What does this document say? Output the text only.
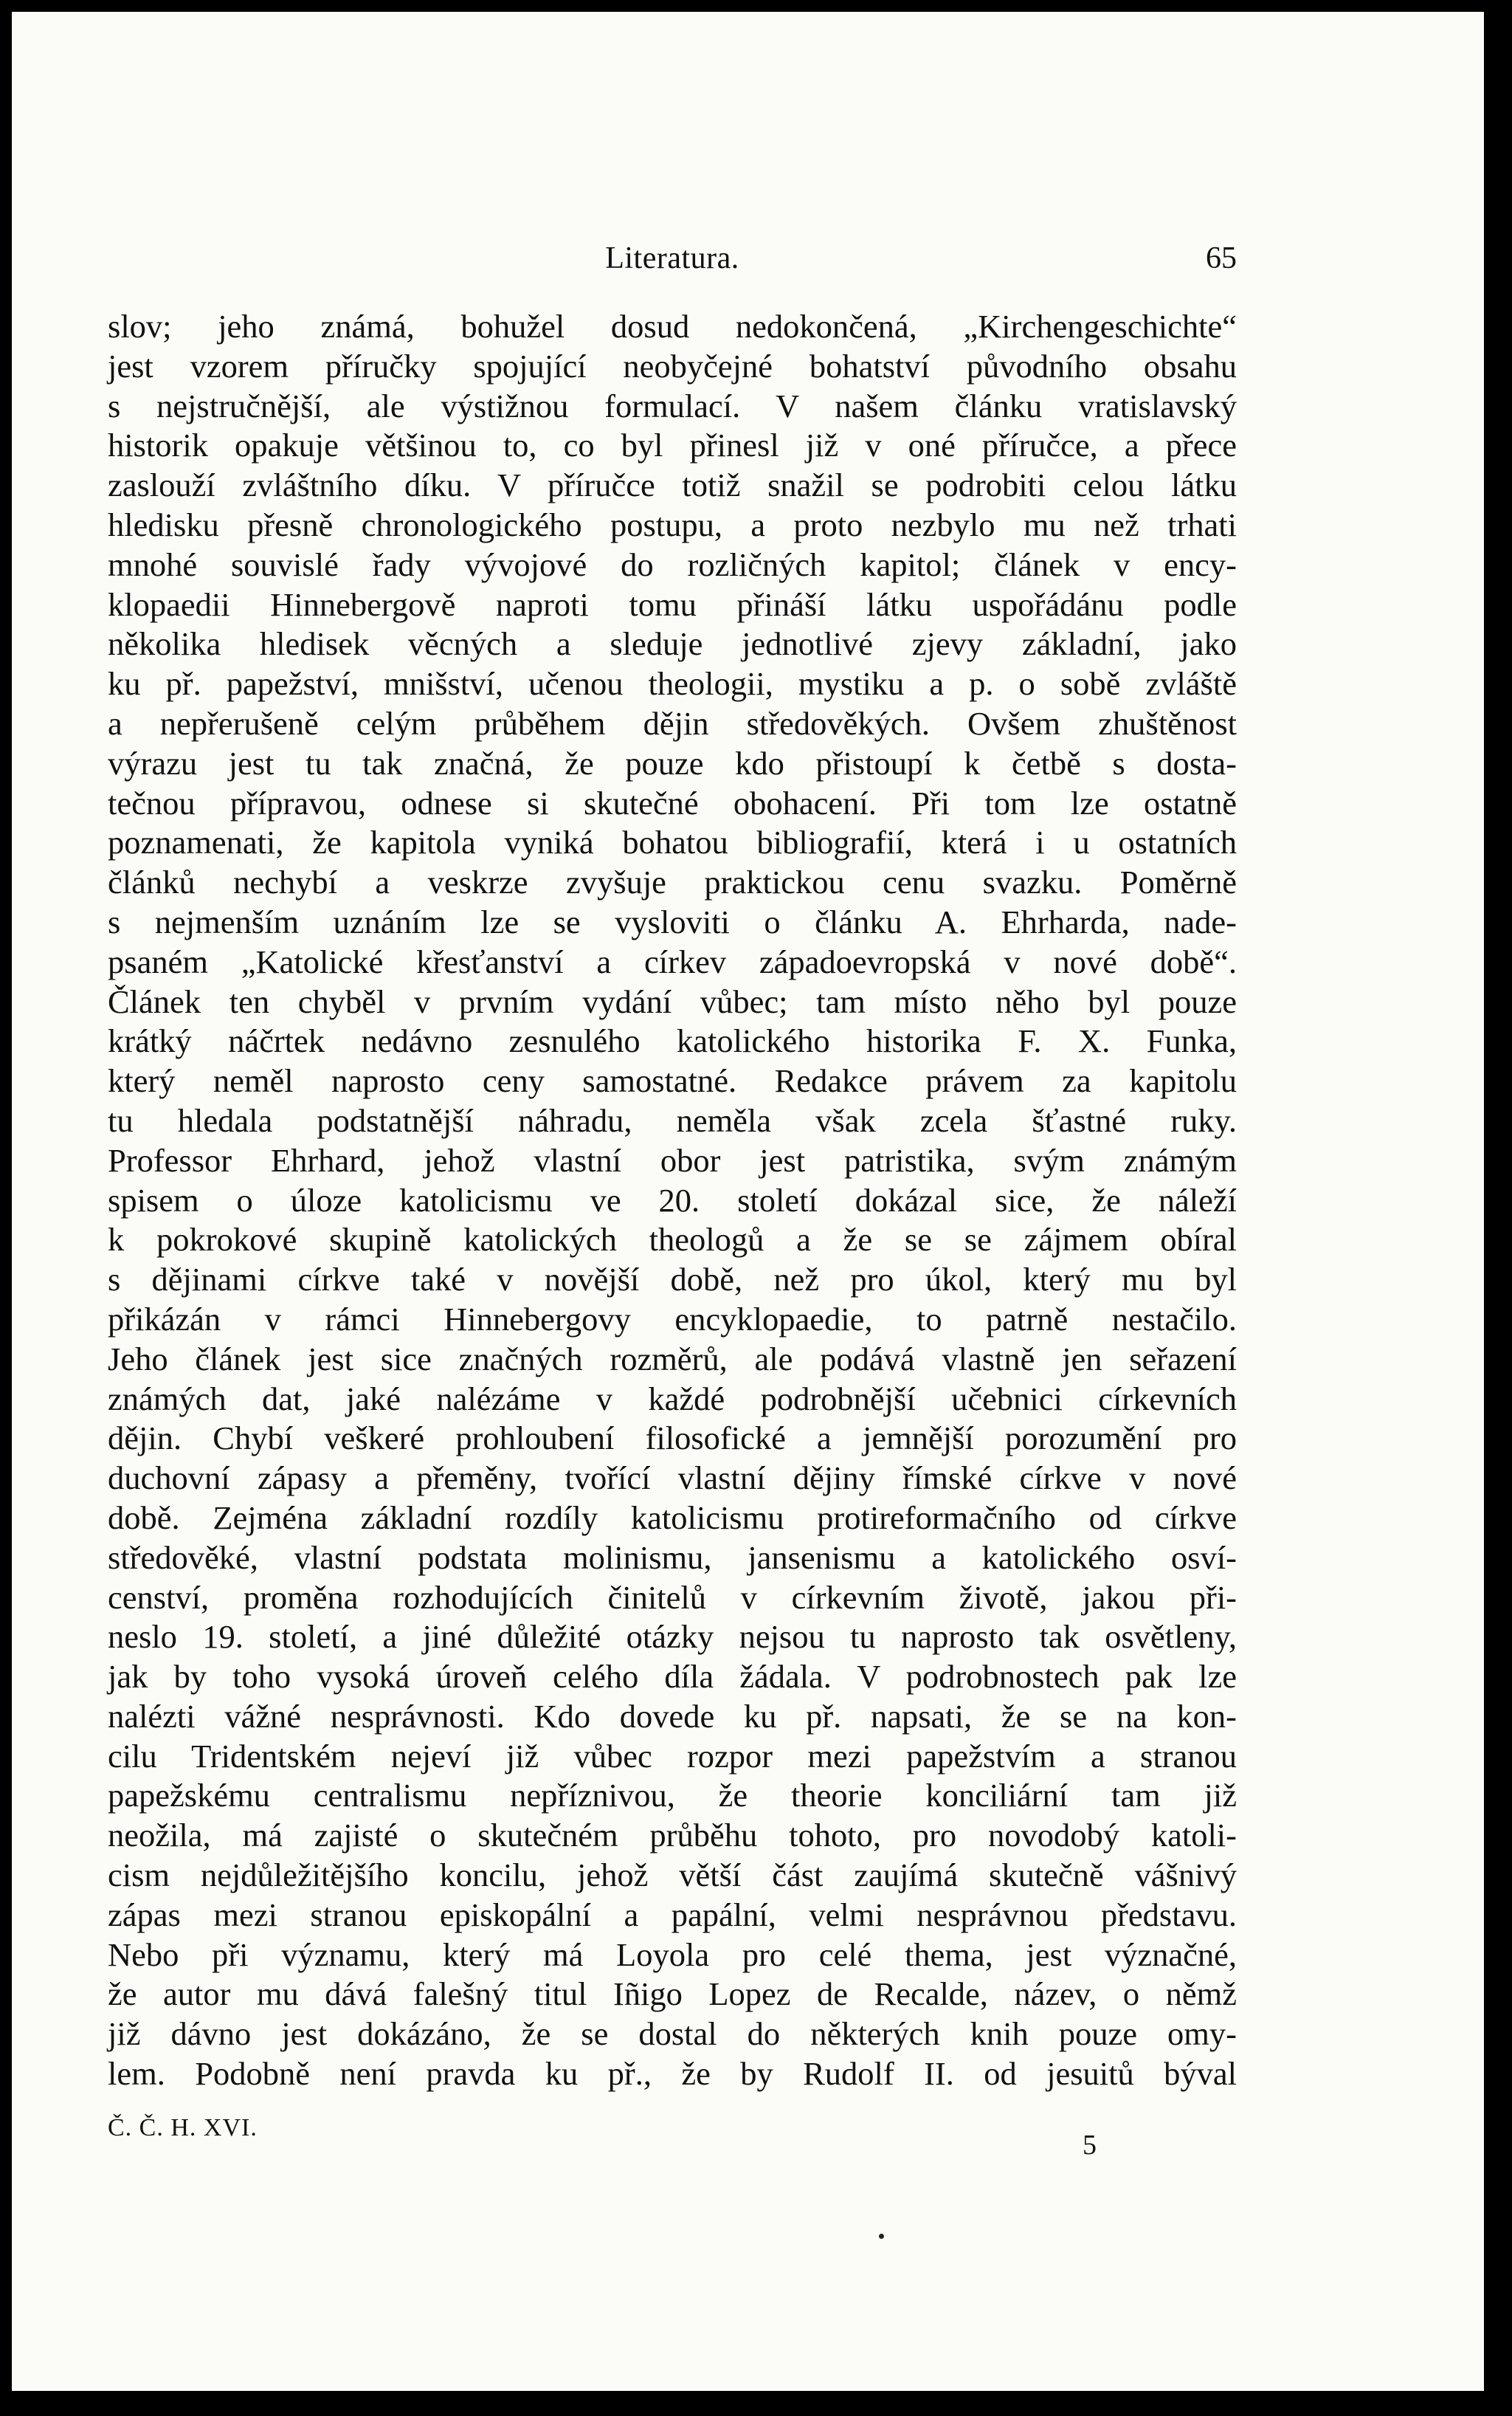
Literatura.	65
slov; jeho známá, bohužel dosud nedokončená, „Kirchengeschichte“
jest vzorem příručky spojující neobyčejné bohatství původního obsahu
s nejstručnější, ale výstižnou formulací. V našem článku vratislavský
historik opakuje většinou to, co byl přinesl již v oné příručce, a přece
zaslouží zvláštního díku. V příručce totiž snažil se podrobiti celou látku
hledisku přesně chronologického postupu, a proto nezbylo mu než trhati
mnohé souvislé řady vývojové do rozličných kapitol; článek v ency-
klopaedii Hinnebergově naproti tomu přináší látku uspořádánu podle
několika hledisek věcných a sleduje jednotlivé zjevy základní, jako
ku př. papežství, mnišství, učenou theologii, mystiku a p. o sobě zvláště
a nepřerušeně celým průběhem dějin středověkých. Ovšem zhuštěnost
výrazu jest tu tak značná, že pouze kdo přistoupí k četbě s dosta-
tečnou přípravou, odnese si skutečné obohacení. Při tom lze ostatně
poznamenati, že kapitola vyniká bohatou bibliografií, která i u ostatních
článků nechybí a veskrze zvyšuje praktickou cenu svazku. Poměrně
s nejmenším uznáním lze se vysloviti o článku A. Ehrharda, nade-
psaném „Katolické křesťanství a církev západoevropská v nové době“.
Článek ten chyběl v prvním vydání vůbec; tam místo něho byl pouze
krátký náčrtek nedávno zesnulého katolického historika F. X. Funka,
který neměl naprosto ceny samostatné. Redakce právem za kapitolu
tu hledala podstatnější náhradu, neměla však zcela šťastné ruky.
Professor Ehrhard, jehož vlastní obor jest patristika, svým známým
spisem o úloze katolicismu ve 20. století dokázal sice, že náleží
k pokrokové skupině katolických theologů a že se se zájmem obíral
s dějinami církve také v novější době, než pro úkol, který mu byl
přikázán v rámci Hinnebergovy encyklopaedie, to patrně nestačilo.
Jeho článek jest sice značných rozměrů, ale podává vlastně jen seřazení
známých dat, jaké nalézáme v každé podrobnější učebnici církevních
dějin. Chybí veškeré prohloubení filosofické a jemnější porozumění pro
duchovní zápasy a přeměny, tvořící vlastní dějiny římské církve v nové
době. Zejména základní rozdíly katolicismu protireformačního od církve
středověké, vlastní podstata molinismu, jansenismu a katolického osví-
cenství, proměna rozhodujících činitelů v církevním životě, jakou při-
neslo 19. století, a jiné důležité otázky nejsou tu naprosto tak osvětleny,
jak by toho vysoká úroveň celého díla žádala. V podrobnostech pak lze
nalézti vážné nesprávnosti. Kdo dovede ku př. napsati, že se na kon-
cilu Tridentském nejeví již vůbec rozpor mezi papežstvím a stranou
papežskému centralismu nepříznivou, že theorie konciliární tam již
neožila, má zajisté o skutečném průběhu tohoto, pro novodobý katoli-
cism nejdůležitějšího koncilu, jehož větší část zaujímá skutečně vášnivý
zápas mezi stranou episkopální a papální, velmi nesprávnou představu.
Nebo při významu, který má Loyola pro celé thema, jest význačné,
že autor mu dává falešný titul Iñigo Lopez de Recalde, název, o němž
již dávno jest dokázáno, že se dostal do některých knih pouze omy-
lem. Podobně není pravda ku př., že by Rudolf II. od jesuitů býval
Č. Č. H. XVI.
5
